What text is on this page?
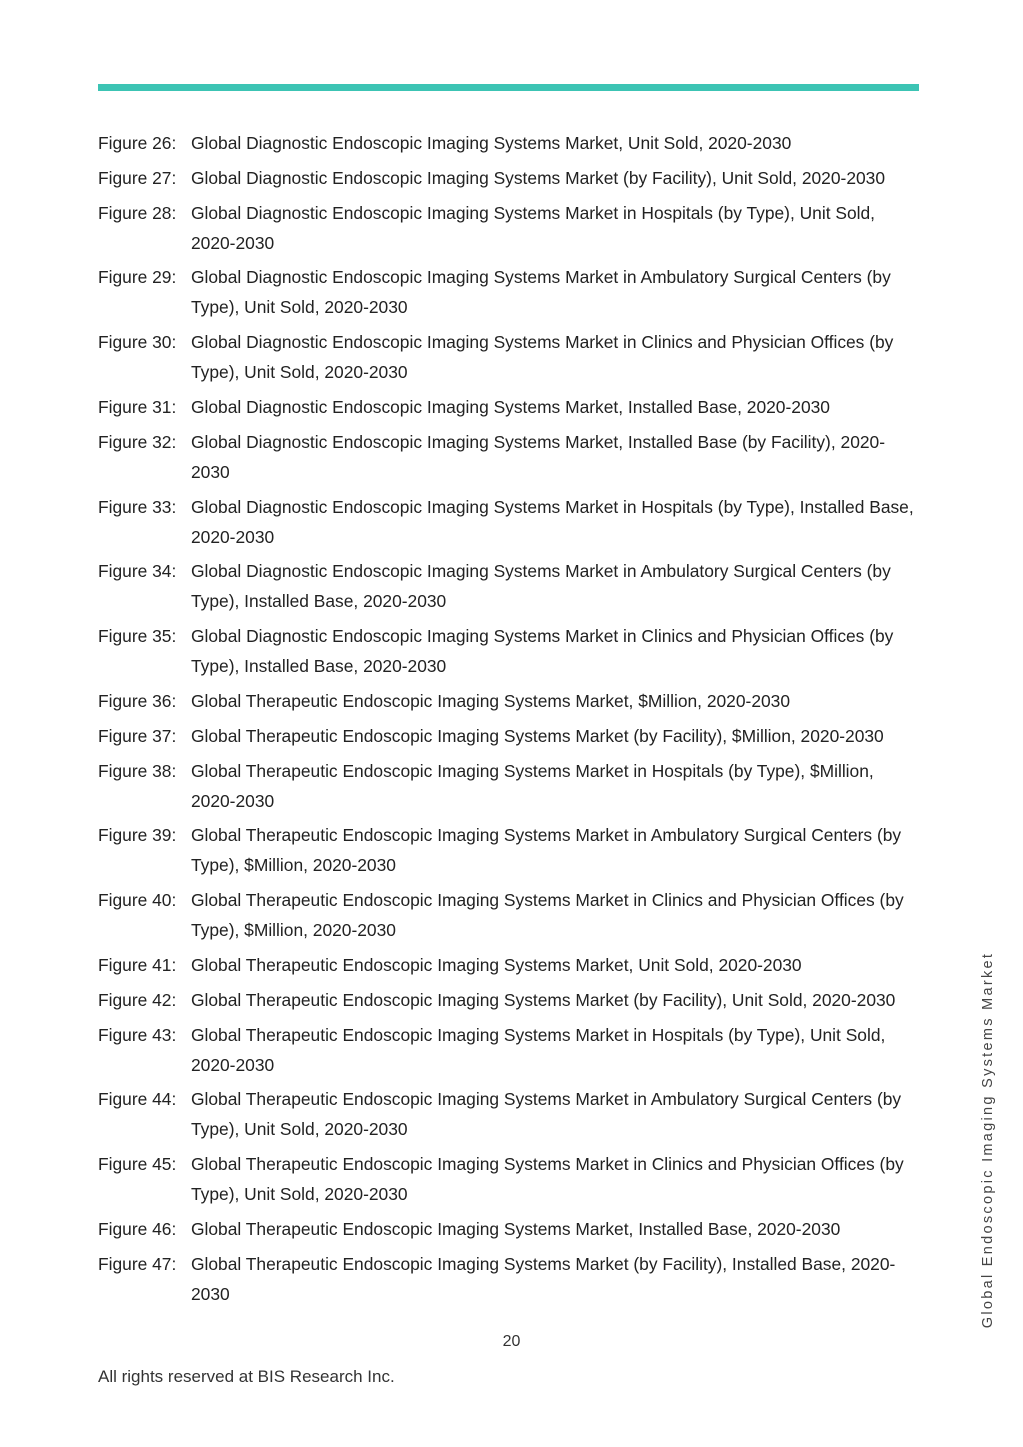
Figure 26: Global Diagnostic Endoscopic Imaging Systems Market, Unit Sold, 2020-2030
Figure 27: Global Diagnostic Endoscopic Imaging Systems Market (by Facility), Unit Sold, 2020-2030
Figure 28: Global Diagnostic Endoscopic Imaging Systems Market in Hospitals (by Type), Unit Sold, 2020-2030
Figure 29: Global Diagnostic Endoscopic Imaging Systems Market in Ambulatory Surgical Centers (by Type), Unit Sold, 2020-2030
Figure 30: Global Diagnostic Endoscopic Imaging Systems Market in Clinics and Physician Offices (by Type), Unit Sold, 2020-2030
Figure 31: Global Diagnostic Endoscopic Imaging Systems Market, Installed Base, 2020-2030
Figure 32: Global Diagnostic Endoscopic Imaging Systems Market, Installed Base (by Facility), 2020-2030
Figure 33: Global Diagnostic Endoscopic Imaging Systems Market in Hospitals (by Type), Installed Base, 2020-2030
Figure 34: Global Diagnostic Endoscopic Imaging Systems Market in Ambulatory Surgical Centers (by Type), Installed Base, 2020-2030
Figure 35: Global Diagnostic Endoscopic Imaging Systems Market in Clinics and Physician Offices (by Type), Installed Base, 2020-2030
Figure 36: Global Therapeutic Endoscopic Imaging Systems Market, $Million, 2020-2030
Figure 37: Global Therapeutic Endoscopic Imaging Systems Market (by Facility), $Million, 2020-2030
Figure 38: Global Therapeutic Endoscopic Imaging Systems Market in Hospitals (by Type), $Million, 2020-2030
Figure 39: Global Therapeutic Endoscopic Imaging Systems Market in Ambulatory Surgical Centers (by Type), $Million, 2020-2030
Figure 40: Global Therapeutic Endoscopic Imaging Systems Market in Clinics and Physician Offices (by Type), $Million, 2020-2030
Figure 41: Global Therapeutic Endoscopic Imaging Systems Market, Unit Sold, 2020-2030
Figure 42: Global Therapeutic Endoscopic Imaging Systems Market (by Facility), Unit Sold, 2020-2030
Figure 43: Global Therapeutic Endoscopic Imaging Systems Market in Hospitals (by Type), Unit Sold, 2020-2030
Figure 44: Global Therapeutic Endoscopic Imaging Systems Market in Ambulatory Surgical Centers (by Type), Unit Sold, 2020-2030
Figure 45: Global Therapeutic Endoscopic Imaging Systems Market in Clinics and Physician Offices (by Type), Unit Sold, 2020-2030
Figure 46: Global Therapeutic Endoscopic Imaging Systems Market, Installed Base, 2020-2030
Figure 47: Global Therapeutic Endoscopic Imaging Systems Market (by Facility), Installed Base, 2020-2030	Global Endoscopic Imaging Systems Market
20
All rights reserved at BIS Research Inc.
